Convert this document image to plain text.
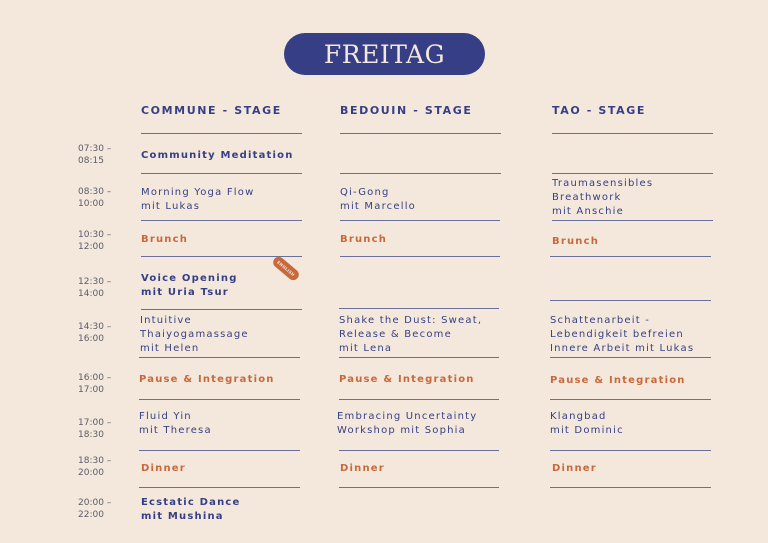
FREITAG
COMMUNE - STAGE	BEDOUIN - STAGE	TAO - STAGE
07:30 –
08:15
08:30 –
10:00
10:30 –
12:00
12:30 –
14:00
14:30 –
16:00
16:00 –
17:00
17:00 –
18:30
18:30 –
20:00
20:00 –
22:00
Community Meditation
Morning Yoga Flow
mit Lukas
Brunch
Voice Opening
mit Uria Tsur
ENGLISH
Intuitive
Thaiyogamassage
mit Helen
Pause & Integration
Fluid Yin
mit Theresa
Dinner
Ecstatic Dance
mit Mushina
Qi-Gong
mit Marcello
Brunch
Shake the Dust: Sweat,
Release & Become
mit Lena
Pause & Integration
Embracing Uncertainty
Workshop mit Sophia
Dinner
Traumasensibles
Breathwork
mit Anschie
Brunch
Schattenarbeit -
Lebendigkeit befreien
Innere Arbeit mit Lukas
Pause & Integration
Klangbad
mit Dominic
Dinner
